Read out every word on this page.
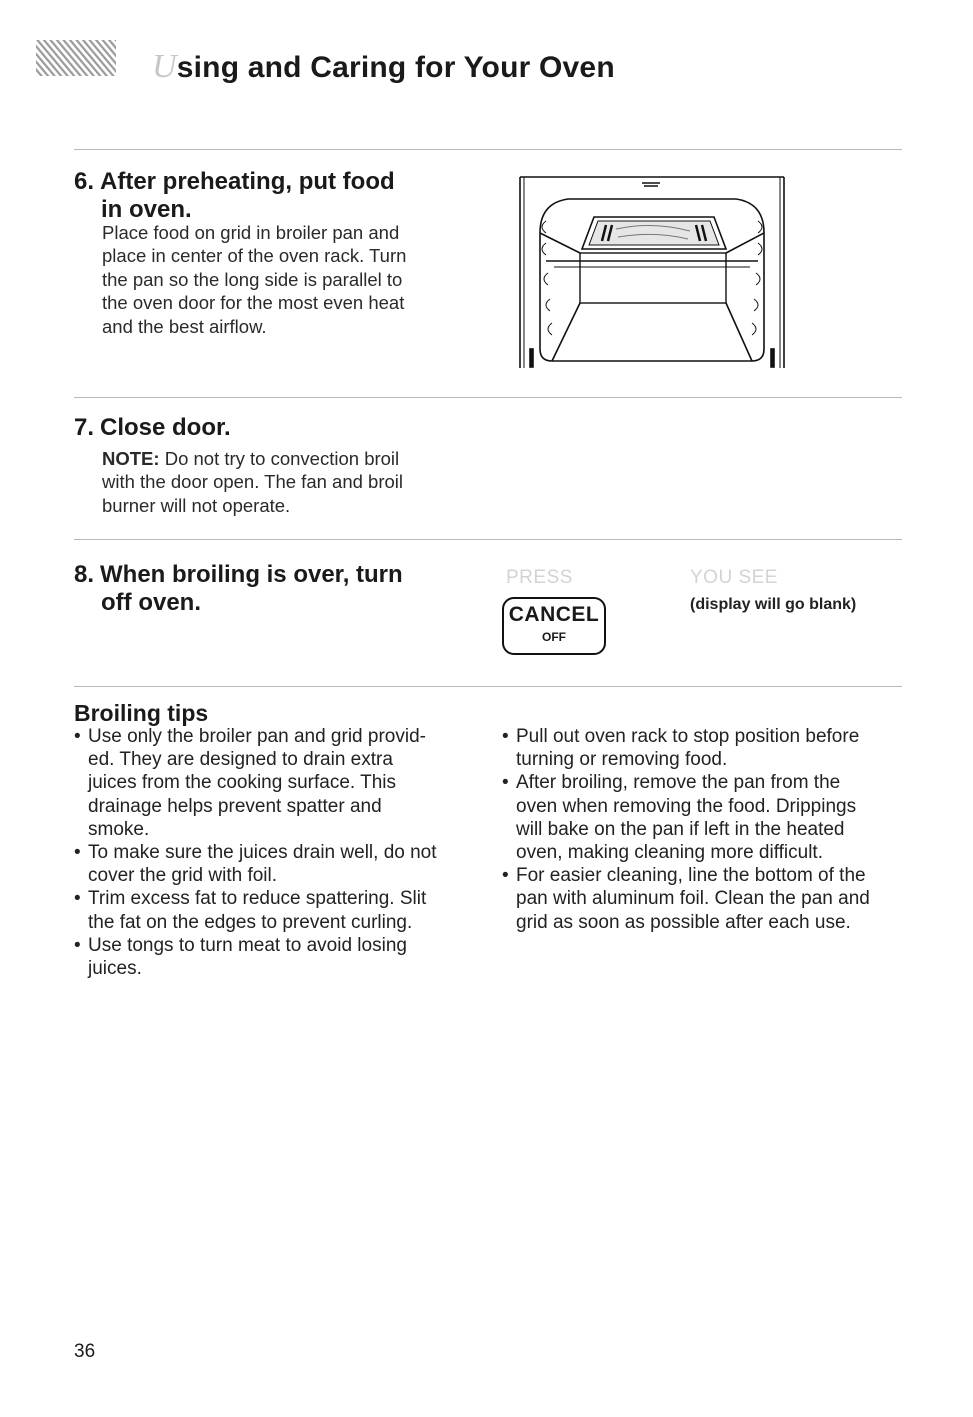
Using and Caring for Your Oven
6. After preheating, put food
in oven.
Place food on grid in broiler pan and
place in center of the oven rack. Turn
the pan so the long side is parallel to
the oven door for the most even heat
and the best airflow.
7. Close door.
NOTE: Do not try to convection broil
with the door open. The fan and broil
burner will not operate.
8. When broiling is over, turn
off oven.
PRESS	YOU SEE
CANCEL
OFF
(display will go blank)
Broiling tips
• Use only the broiler pan and grid provid-
ed. They are designed to drain extra
juices from the cooking surface. This
drainage helps prevent spatter and
smoke.
• To make sure the juices drain well, do not
cover the grid with foil.
• Trim excess fat to reduce spattering. Slit
the fat on the edges to prevent curling.
• Use tongs to turn meat to avoid losing
juices.
• Pull out oven rack to stop position before
turning or removing food.
• After broiling, remove the pan from the
oven when removing the food. Drippings
will bake on the pan if left in the heated
oven, making cleaning more difficult.
• For easier cleaning, line the bottom of the
pan with aluminum foil. Clean the pan and
grid as soon as possible after each use.
36
